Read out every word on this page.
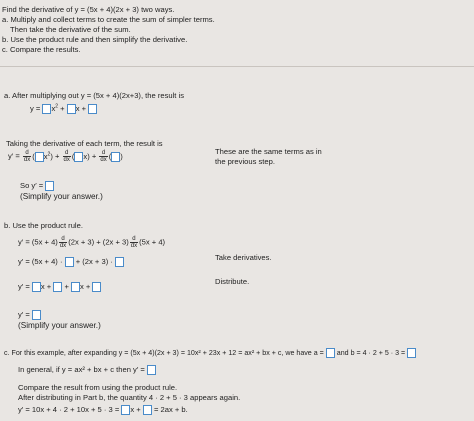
Find the derivative of y = (5x + 4)(2x + 3) two ways.
a. Multiply and collect terms to create the sum of simpler terms.
Then take the derivative of the sum.
b. Use the product rule and then simplify the derivative.
c. Compare the results.
a. After multiplying out y = (5x + 4)(2x+3), the result is
$y = x^2 + x$ +
Taking the derivative of each term, the result is
$y' = \frac{d}{dx}$ ( $x^2) + \frac{d}{dx}$ ( $x) + \frac{d}{dx}$ ( )	These are the same terms as in
the previous step.
So y′ =
(Simplify your answer.)
b. Use the product rule.
$y' = (5x + 4) \frac{d}{dx} (2x + 3) + (2x + 3) \frac{d}{dx} (5x + 4)$
y′ = (5x + 4) · + (2x + 3) ·	Take derivatives.
y′ = x +  + x +
Distribute.
y′ =
(Simplify your answer.)
c. For this example, after expanding y = (5x + 4)(2x + 3) = 10x² + 23x + 12 = ax² + bx + c, we have a = and b = 4 · 2 + 5 · 3 =
In general, if y = ax² + bx + c then y′ =
Compare the result from using the product rule.
After distributing in Part b, the quantity 4 · 2 + 5 · 3 appears again.
y′ = 10x + 4 · 2 + 10x + 5 · 3 = x +  = 2ax + b.
